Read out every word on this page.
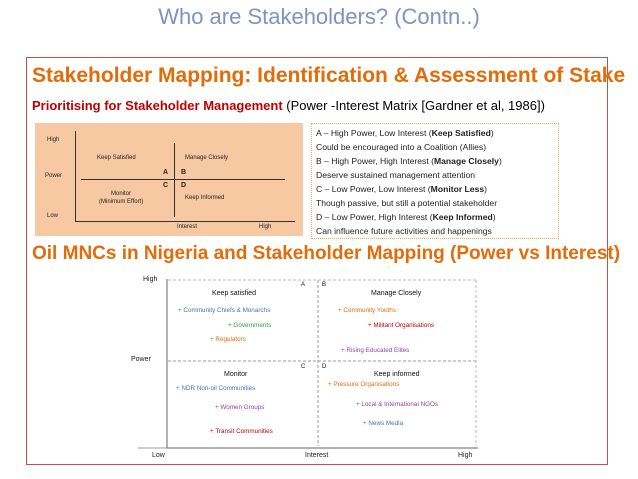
Who are Stakeholders? (Contn..)
Stakeholder Mapping: Identification & Assessment of Stake
Prioritising for Stakeholder Management (Power -Interest Matrix [Gardner et al, 1986])
High
Power
Low
Interest	High
Keep Satisfied	Manage Closely
Monitor
(Minimum Effort)
Keep Informed
A B
C D
A – High Power, Low Interest (Keep Satisfied)
Could be encouraged into a Coalition (Allies)
B – High Power, High Interest (Manage Closely)
Deserve sustained management attention
C – Low Power, Low Interest (Monitor Less)
Though passive, but still a potential stakeholder
D – Low Power, High Interest (Keep Informed)
Can influence future activities and happenings
Oil MNCs in Nigeria and Stakeholder Mapping (Power vs Interest)
High
Power
Low	Interest	High
A
Keep satisfied
+ Community Chiefs & Monarchs
+ Governments
+ Regulators
B
Manage Closely
+ Community Youths
+ Militant Organisations
+ Rising Educated Elites
C
Monitor
+ NDR Non-oil Communities
+ Women Groups
+ Transit Communities
D
Keep informed
+ Pressure Organisations
+ Local & International NGOs
+ News Media
